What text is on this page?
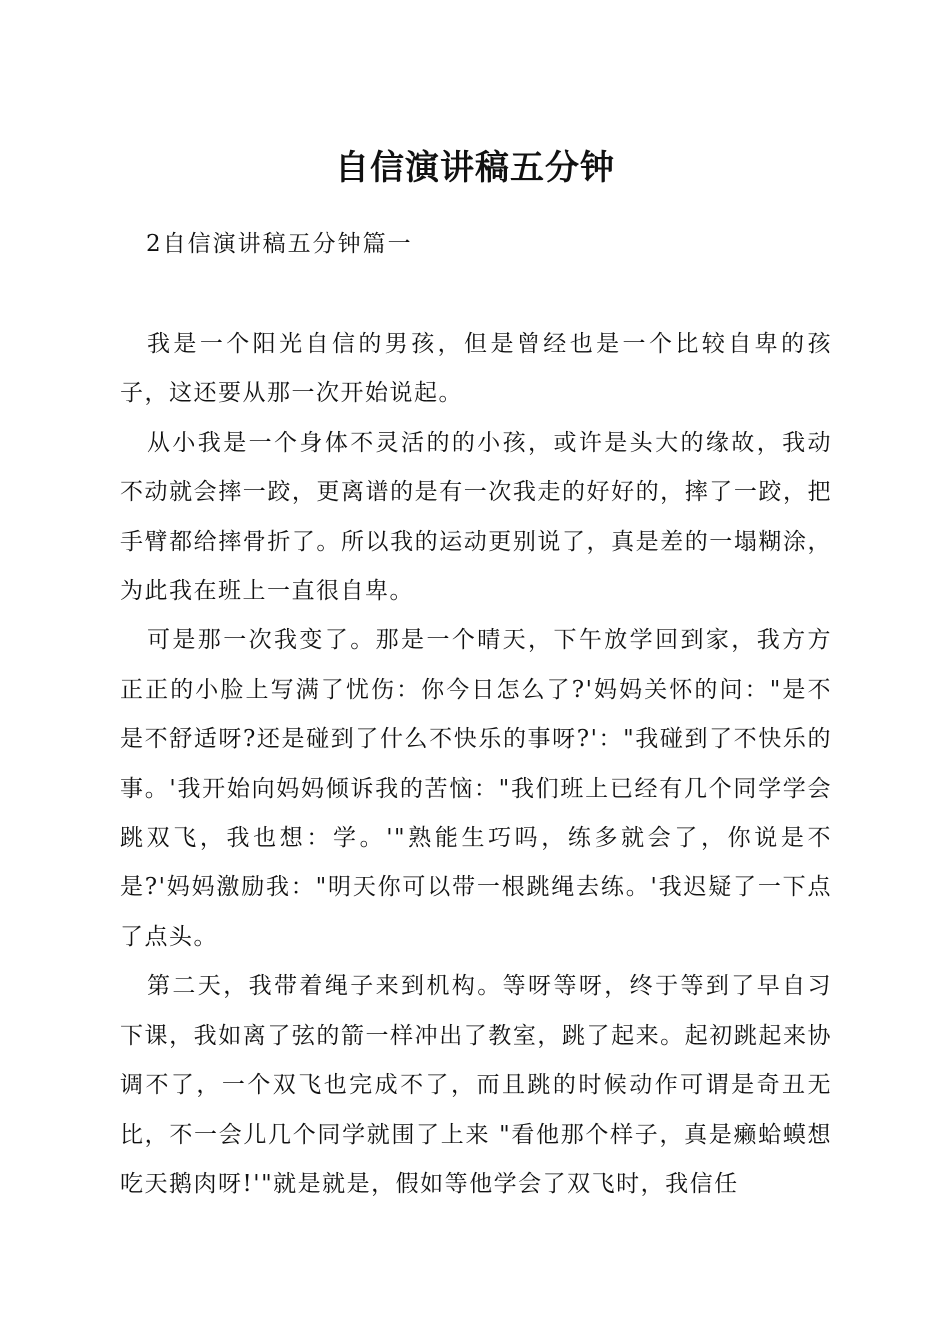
自信演讲稿五分钟
2自信演讲稿五分钟篇一

我是一个阳光自信的男孩，但是曾经也是一个比较自卑的孩子，这还要从那一次开始说起。

从小我是一个身体不灵活的的小孩，或许是头大的缘故，我动不动就会摔一跤，更离谱的是有一次我走的好好的，摔了一跤，把手臂都给摔骨折了。所以我的运动更别说了，真是差的一塌糊涂，为此我在班上一直很自卑。

可是那一次我变了。那是一个晴天，下午放学回到家，我方方正正的小脸上写满了忧伤：你今日怎么了?'妈妈关怀的问："是不是不舒适呀?还是碰到了什么不快乐的事呀?'："我碰到了不快乐的事。'我开始向妈妈倾诉我的苦恼："我们班上已经有几个同学学会跳双飞，我也想：学。'"熟能生巧吗，练多就会了，你说是不是?'妈妈激励我："明天你可以带一根跳绳去练。'我迟疑了一下点了点头。

第二天，我带着绳子来到机构。等呀等呀，终于等到了早自习下课，我如离了弦的箭一样冲出了教室，跳了起来。起初跳起来协调不了，一个双飞也完成不了，而且跳的时候动作可谓是奇丑无比，不一会儿几个同学就围了上来 "看他那个样子，真是癞蛤蟆想吃天鹅肉呀!'"就是就是，假如等他学会了双飞时，我信任
